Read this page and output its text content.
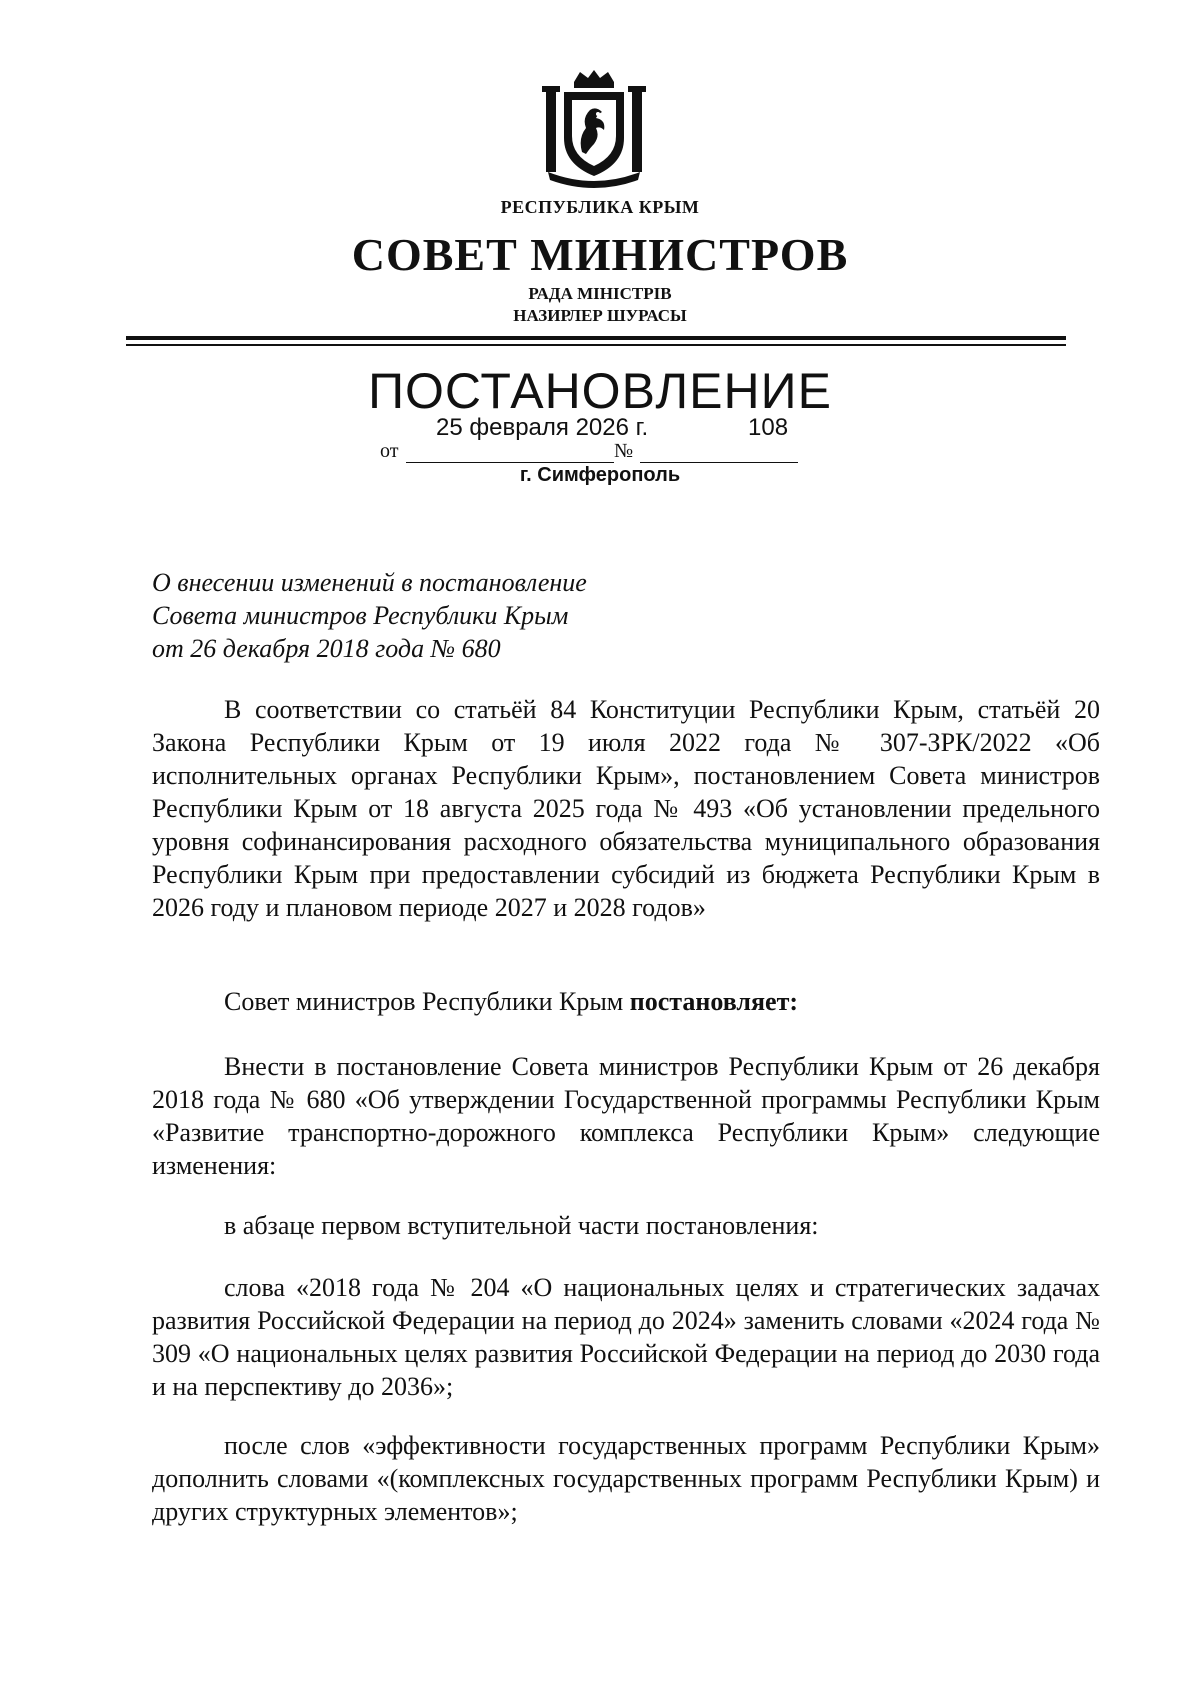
РЕСПУБЛИКА КРЫМ
СОВЕТ МИНИСТРОВ
РАДА МІНІСТРІВ
НАЗИРЛЕР ШУРАСЫ
ПОСТАНОВЛЕНИЕ
25 февраля 2026 г.	108
от	№
г. Симферополь
О внесении изменений в постановление
Совета министров Республики Крым
от 26 декабря 2018 года № 680
В соответствии со статьёй 84 Конституции Республики Крым, статьёй 20 Закона Республики Крым от 19 июля 2022 года № 307-ЗРК/2022 «Об исполнительных органах Республики Крым», постановлением Совета министров Республики Крым от 18 августа 2025 года № 493 «Об установлении предельного уровня софинансирования расходного обязательства муниципального образования Республики Крым при предоставлении субсидий из бюджета Республики Крым в 2026 году и плановом периоде 2027 и 2028 годов»
Совет министров Республики Крым постановляет:
Внести в постановление Совета министров Республики Крым от 26 декабря 2018 года № 680 «Об утверждении Государственной программы Республики Крым «Развитие транспортно-дорожного комплекса Республики Крым» следующие изменения:
в абзаце первом вступительной части постановления:
слова «2018 года № 204 «О национальных целях и стратегических задачах развития Российской Федерации на период до 2024» заменить словами «2024 года № 309 «О национальных целях развития Российской Федерации на период до 2030 года и на перспективу до 2036»;
после слов «эффективности государственных программ Республики Крым» дополнить словами «(комплексных государственных программ Республики Крым) и других структурных элементов»;
